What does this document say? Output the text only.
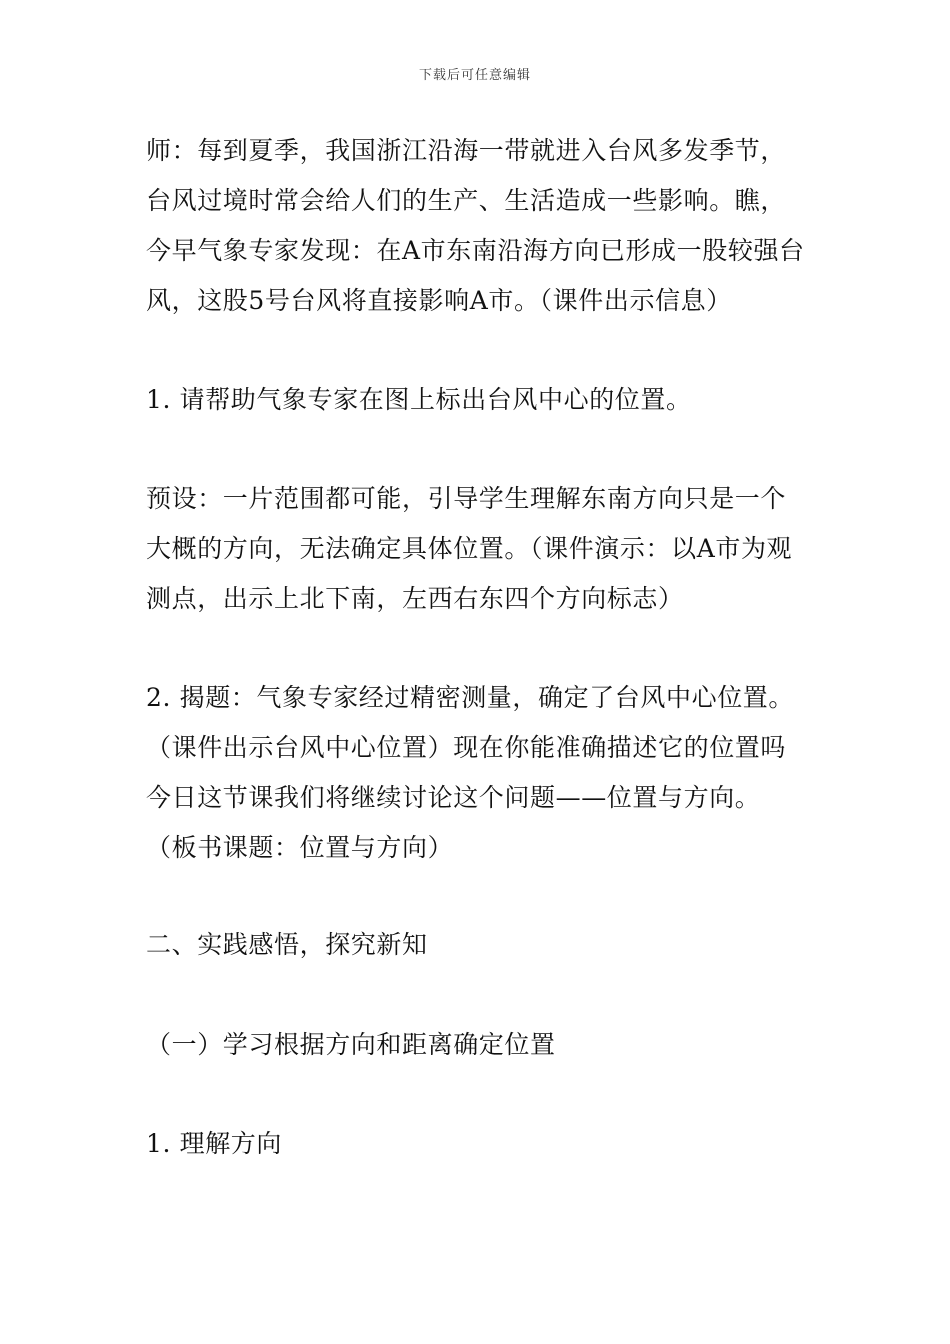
下载后可任意编辑
师：每到夏季，我国浙江沿海一带就进入台风多发季节，
台风过境时常会给人们的生产、生活造成一些影响。瞧，
今早气象专家发现：在A市东南沿海方向已形成一股较强台
风，这股5号台风将直接影响A市。（课件出示信息）
1. 请帮助气象专家在图上标出台风中心的位置。
预设：一片范围都可能，引导学生理解东南方向只是一个
大概的方向，无法确定具体位置。（课件演示：以A市为观
测点，出示上北下南，左西右东四个方向标志）
2. 揭题：气象专家经过精密测量，确定了台风中心位置。
（课件出示台风中心位置）现在你能准确描述它的位置吗
今日这节课我们将继续讨论这个问题——位置与方向。
（板书课题：位置与方向）
二、实践感悟，探究新知
（一）学习根据方向和距离确定位置
1. 理解方向
